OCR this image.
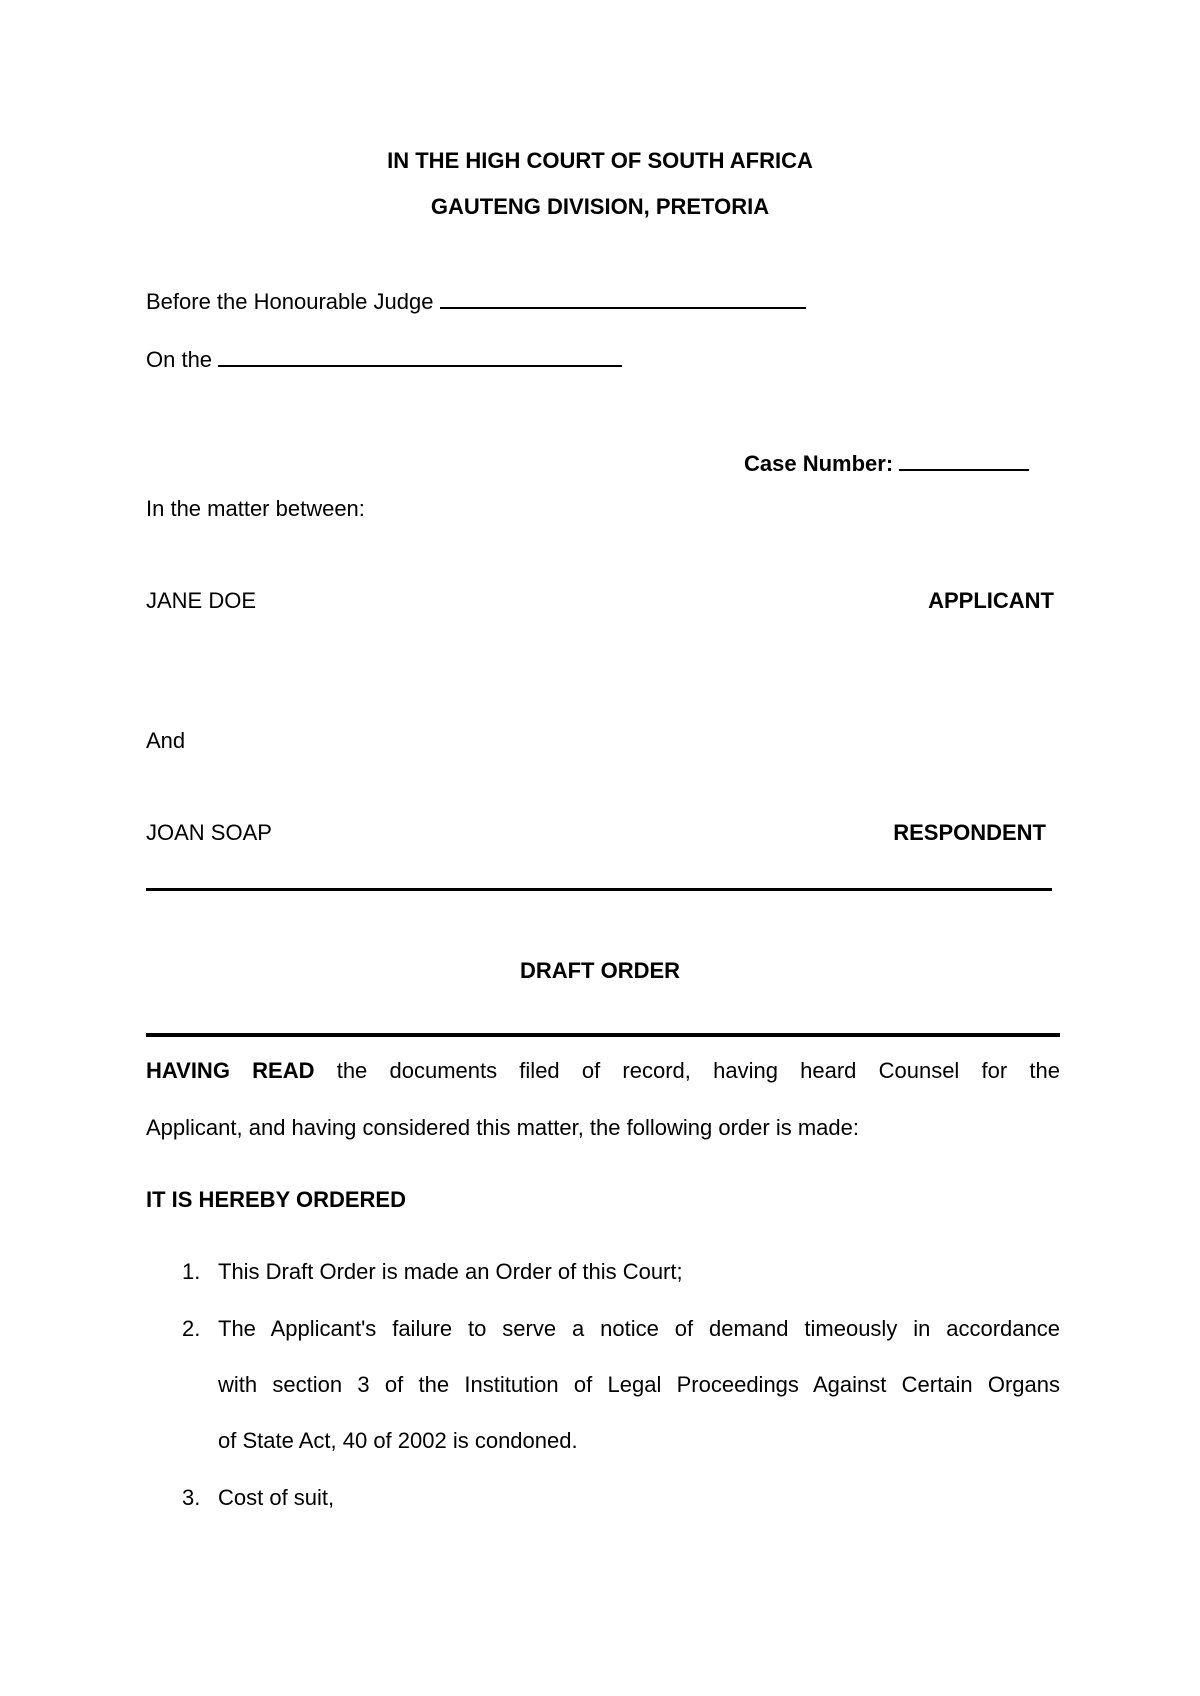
IN THE HIGH COURT OF SOUTH AFRICA
GAUTENG DIVISION, PRETORIA
Before the Honourable Judge
On the
Case Number:
In the matter between:
JANE DOE	APPLICANT
And
JOAN SOAP	RESPONDENT
DRAFT ORDER
HAVING READ the documents filed of record, having heard Counsel for the
Applicant, and having considered this matter, the following order is made:
IT IS HEREBY ORDERED
1. This Draft Order is made an Order of this Court;
2. The Applicant's failure to serve a notice of demand timeously in accordance
with section 3 of the Institution of Legal Proceedings Against Certain Organs
of State Act, 40 of 2002 is condoned.
3. Cost of suit,
